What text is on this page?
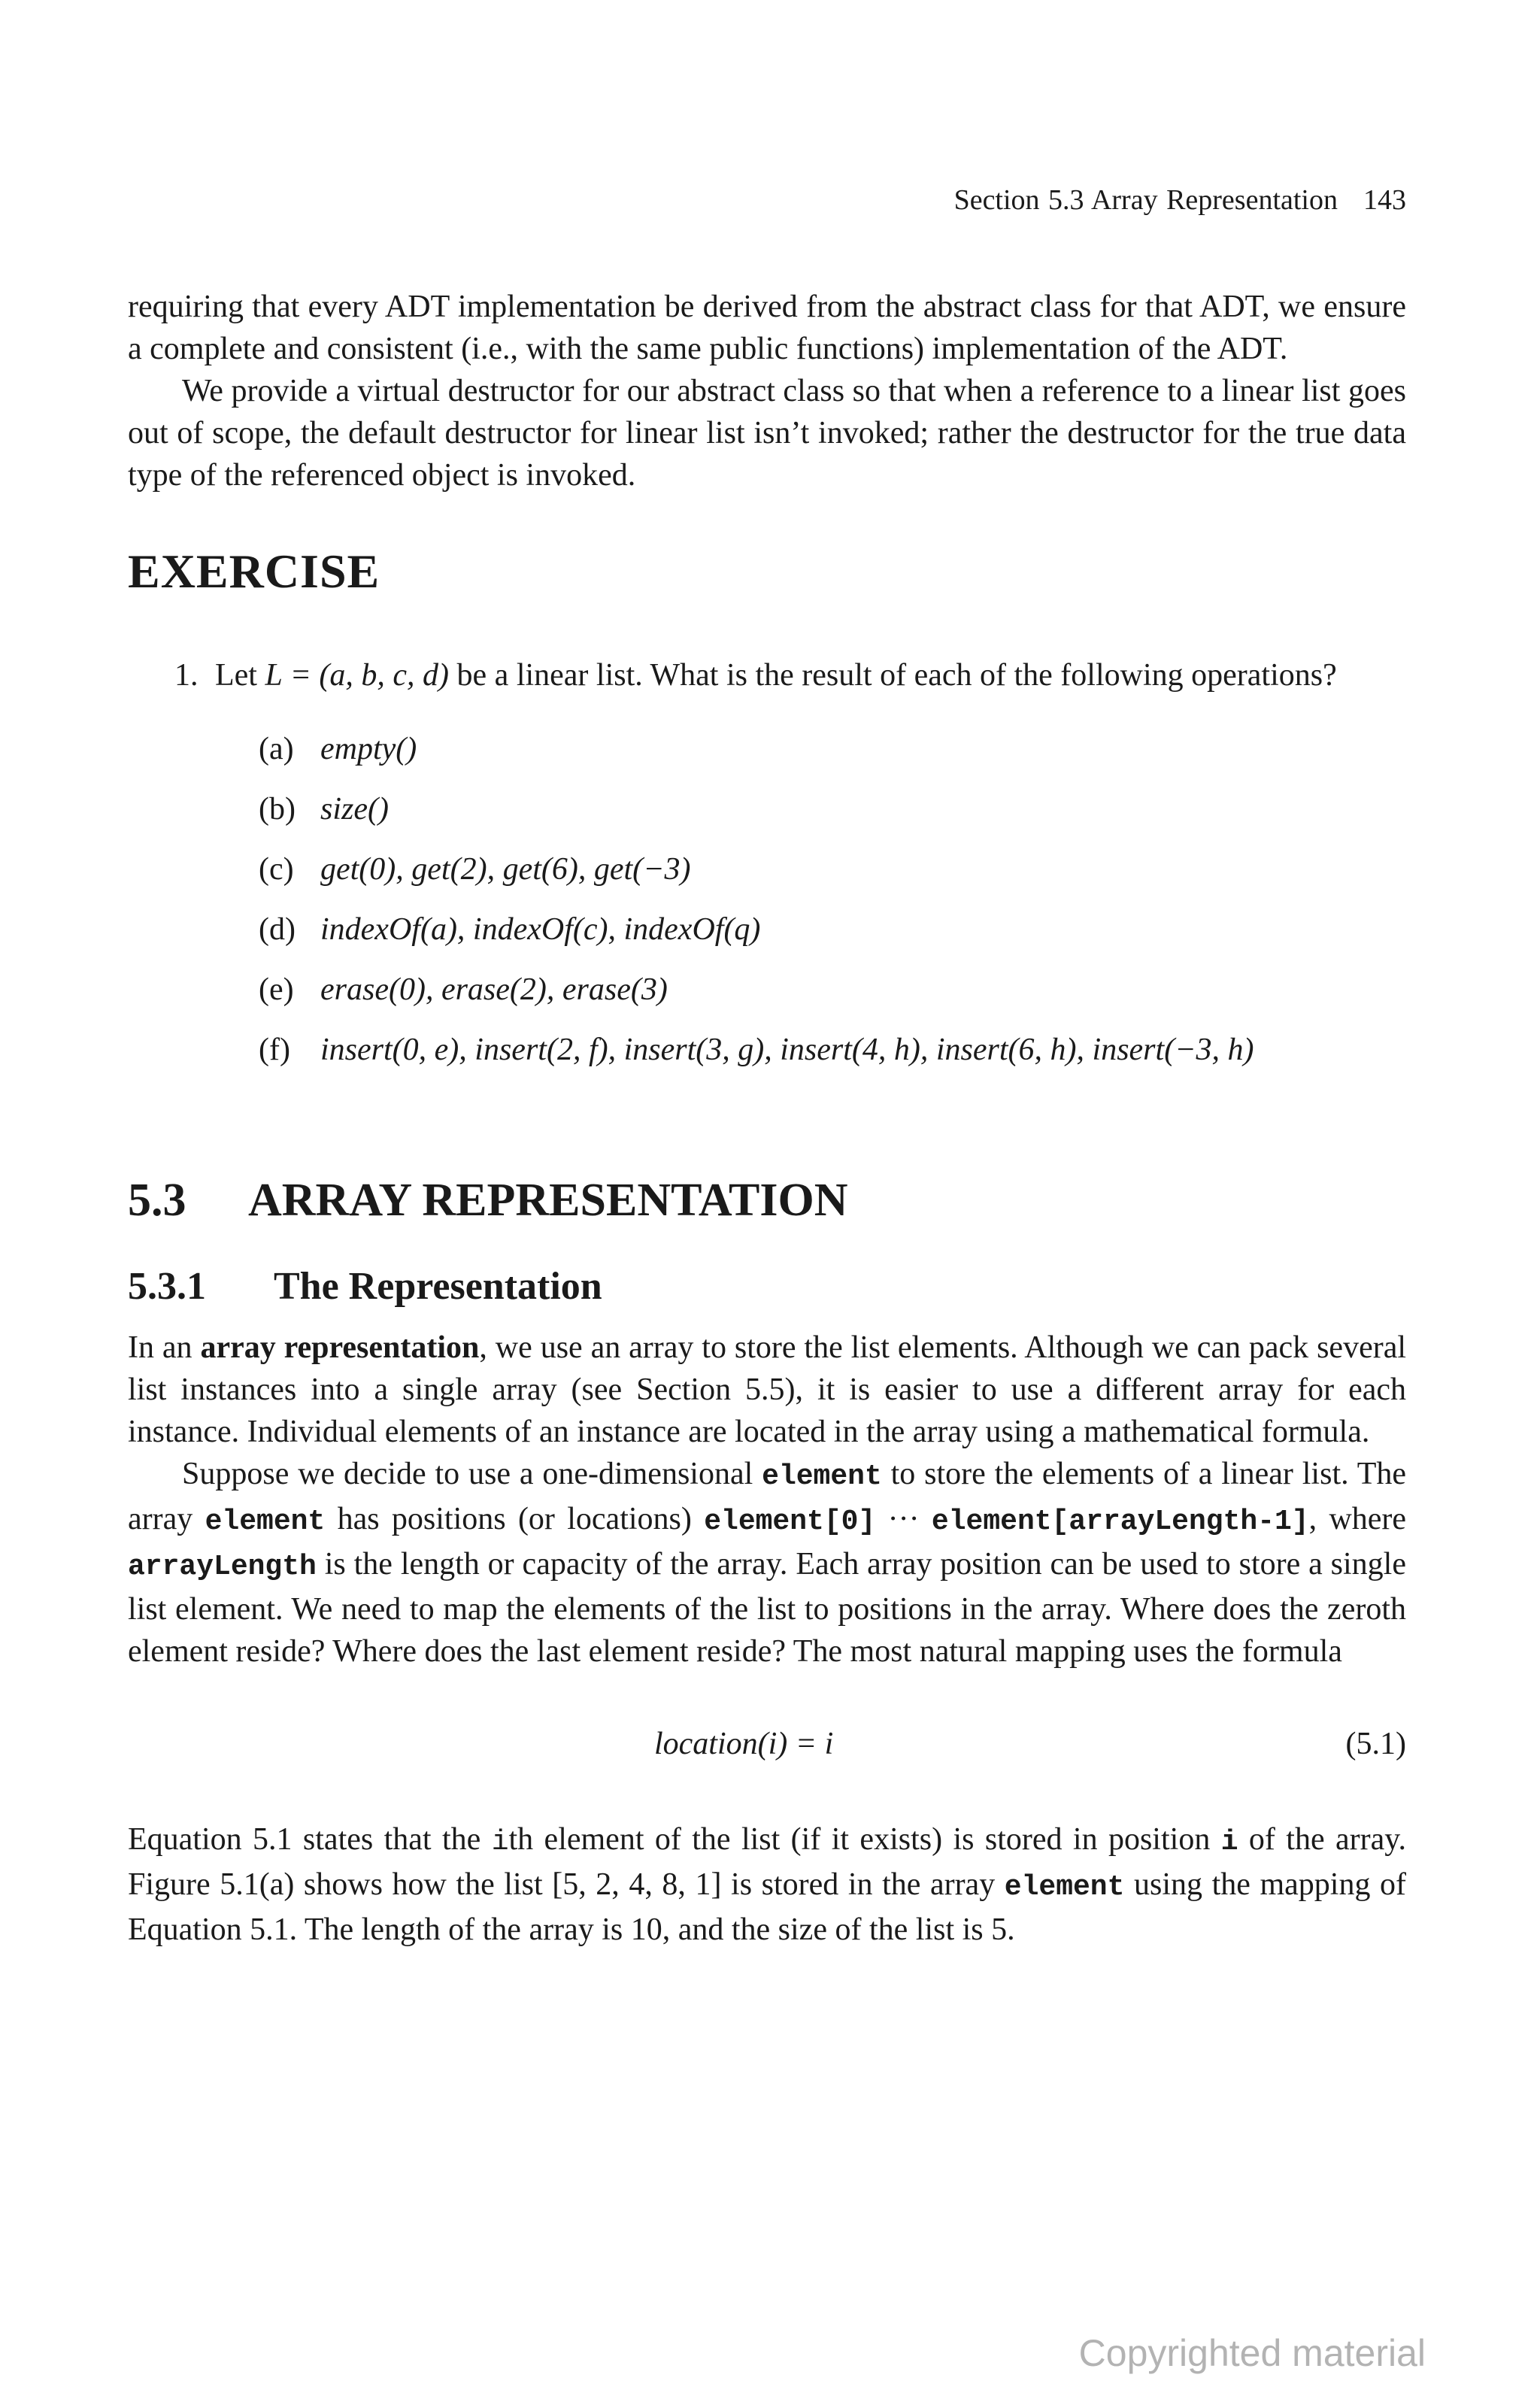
Section 5.3 Array Representation 143

requiring that every ADT implementation be derived from the abstract class for that ADT, we ensure a complete and consistent (i.e., with the same public functions) implementation of the ADT.

We provide a virtual destructor for our abstract class so that when a reference to a linear list goes out of scope, the default destructor for linear list isn’t invoked; rather the destructor for the true data type of the referenced object is invoked.

EXERCISE
1. Let L = (a, b, c, d) be a linear list. What is the result of each of the following operations?
(a) empty()
(b) size()
(c) get(0), get(2), get(6), get(−3)
(d) indexOf(a), indexOf(c), indexOf(q)
(e) erase(0), erase(2), erase(3)
(f) insert(0, e), insert(2, f), insert(3, g), insert(4, h), insert(6, h), insert(−3, h)
5.3 ARRAY REPRESENTATION
5.3.1 The Representation

In an array representation, we use an array to store the list elements. Although we can pack several list instances into a single array (see Section 5.5), it is easier to use a different array for each instance. Individual elements of an instance are located in the array using a mathematical formula.

Suppose we decide to use a one-dimensional element to store the elements of a linear list. The array element has positions (or locations) element[0] ··· element[arrayLength-1], where arrayLength is the length or capacity of the array. Each array position can be used to store a single list element. We need to map the elements of the list to positions in the array. Where does the zeroth element reside? Where does the last element reside? The most natural mapping uses the formula

location(i) = i	(5.1)

Equation 5.1 states that the ith element of the list (if it exists) is stored in position i of the array. Figure 5.1(a) shows how the list [5, 2, 4, 8, 1] is stored in the array element using the mapping of Equation 5.1. The length of the array is 10, and the size of the list is 5.

Copyrighted material
